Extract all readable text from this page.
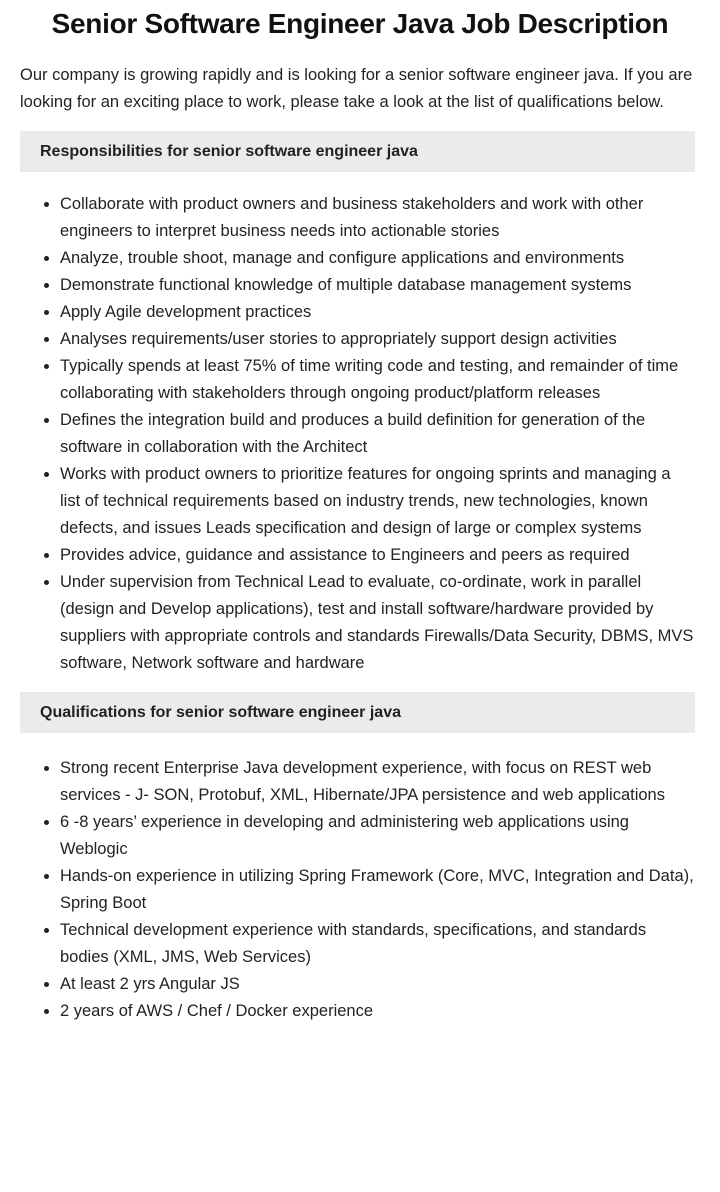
Senior Software Engineer Java Job Description

Our company is growing rapidly and is looking for a senior software engineer java. If you are looking for an exciting place to work, please take a look at the list of qualifications below.

Responsibilities for senior software engineer java
• Collaborate with product owners and business stakeholders and work with other engineers to interpret business needs into actionable stories
• Analyze, trouble shoot, manage and configure applications and environments
• Demonstrate functional knowledge of multiple database management systems
• Apply Agile development practices
• Analyses requirements/user stories to appropriately support design activities
• Typically spends at least 75% of time writing code and testing, and remainder of time collaborating with stakeholders through ongoing product/platform releases
• Defines the integration build and produces a build definition for generation of the software in collaboration with the Architect
• Works with product owners to prioritize features for ongoing sprints and managing a list of technical requirements based on industry trends, new technologies, known defects, and issues Leads specification and design of large or complex systems
• Provides advice, guidance and assistance to Engineers and peers as required
• Under supervision from Technical Lead to evaluate, co-ordinate, work in parallel (design and Develop applications), test and install software/hardware provided by suppliers with appropriate controls and standards Firewalls/Data Security, DBMS, MVS software, Network software and hardware
Qualifications for senior software engineer java
• Strong recent Enterprise Java development experience, with focus on REST web services - J- SON, Protobuf, XML, Hibernate/JPA persistence and web applications
• 6 -8 years’ experience in developing and administering web applications using Weblogic
• Hands-on experience in utilizing Spring Framework (Core, MVC, Integration and Data), Spring Boot
• Technical development experience with standards, specifications, and standards bodies (XML, JMS, Web Services)
• At least 2 yrs Angular JS
• 2 years of AWS / Chef / Docker experience
